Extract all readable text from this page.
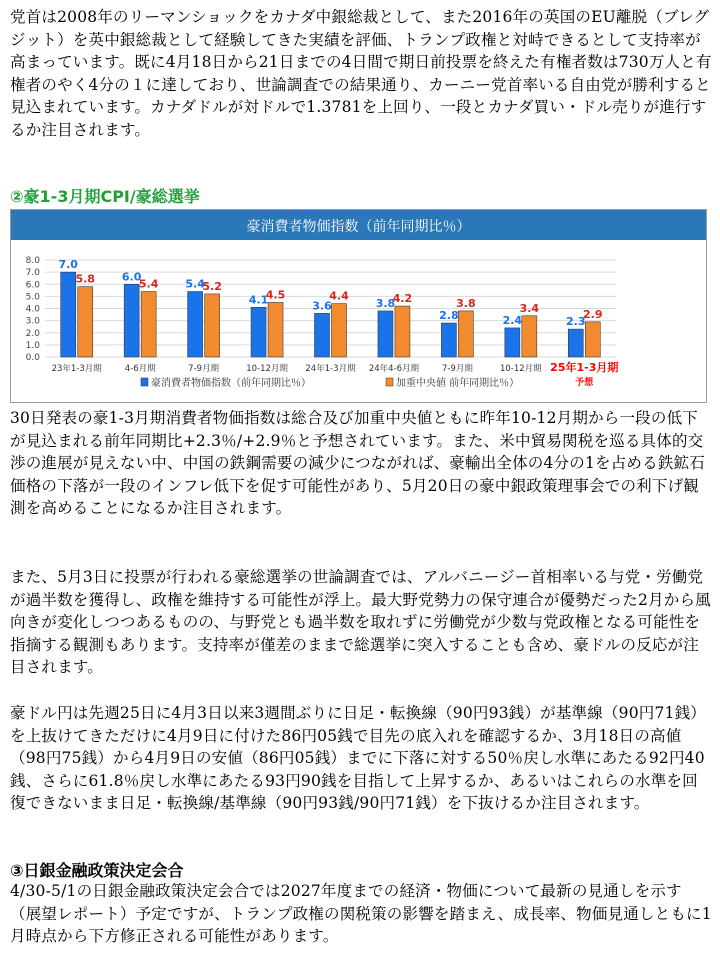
党首は2008年のリーマンショックをカナダ中銀総裁として、また2016年の英国のEU離脱（ブレグジット）を英中銀総裁として経験してきた実績を評価、トランプ政権と対峙できるとして支持率が高まっています。既に4月18日から21日までの4日間で期日前投票を終えた有権者数は730万人と有権者のやく4分の１に達しており、世論調査での結果通り、カーニー党首率いる自由党が勝利すると見込まれています。カナダドルが対ドルで1.3781を上回り、一段とカナダ買い・ドル売りが進行するか注目されます。

②豪1-3月期CPI/豪総選挙
豪消費者物価指数（前年同期比％）
0.0
1.0
2.0
3.0
4.0
5.0
6.0
7.0
8.0 7.0
5.8
23年1-3月期
6.0
5.4
4-6月期
5.4
5.2
7-9月期
4.1
4.5
10-12月期
3.6
4.4
24年1-3月期
3.8
4.2
24年4-6月期
2.8
3.8
7-9月期
2.4
3.4
10-12月期
2.3
2.9
25年1-3月期
予想
豪消費者物価指数（前年同期比％）	加重中央値 前年同期比％）

30日発表の豪1-3月期消費者物価指数は総合及び加重中央値ともに昨年10-12月期から一段の低下が見込まれる前年同期比+2.3％/+2.9％と予想されています。また、米中貿易関税を巡る具体的交渉の進展が見えない中、中国の鉄鋼需要の減少につながれば、豪輸出全体の4分の1を占める鉄鉱石価格の下落が一段のインフレ低下を促す可能性があり、5月20日の豪中銀政策理事会での利下げ観測を高めることになるか注目されます。

また、5月3日に投票が行われる豪総選挙の世論調査では、アルバニージー首相率いる与党・労働党が過半数を獲得し、政権を維持する可能性が浮上。最大野党勢力の保守連合が優勢だった2月から風向きが変化しつつあるものの、与野党とも過半数を取れずに労働党が少数与党政権となる可能性を指摘する観測もあります。支持率が僅差のままで総選挙に突入することも含め、豪ドルの反応が注目されます。

豪ドル円は先週25日に4月3日以来3週間ぶりに日足・転換線（90円93銭）が基準線（90円71銭）を上抜けてきただけに4月9日に付けた86円05銭で目先の底入れを確認するか、3月18日の高値（98円75銭）から4月9日の安値（86円05銭）までに下落に対する50％戻し水準にあたる92円40銭、さらに61.8％戻し水準にあたる93円90銭を目指して上昇するか、あるいはこれらの水準を回復できないまま日足・転換線/基準線（90円93銭/90円71銭）を下抜けるか注目されます。

③日銀金融政策決定会合

4/30-5/1の日銀金融政策決定会合では2027年度までの経済・物価について最新の見通しを示す（展望レポート）予定ですが、トランプ政権の関税策の影響を踏まえ、成長率、物価見通しともに1月時点から下方修正される可能性があります。
